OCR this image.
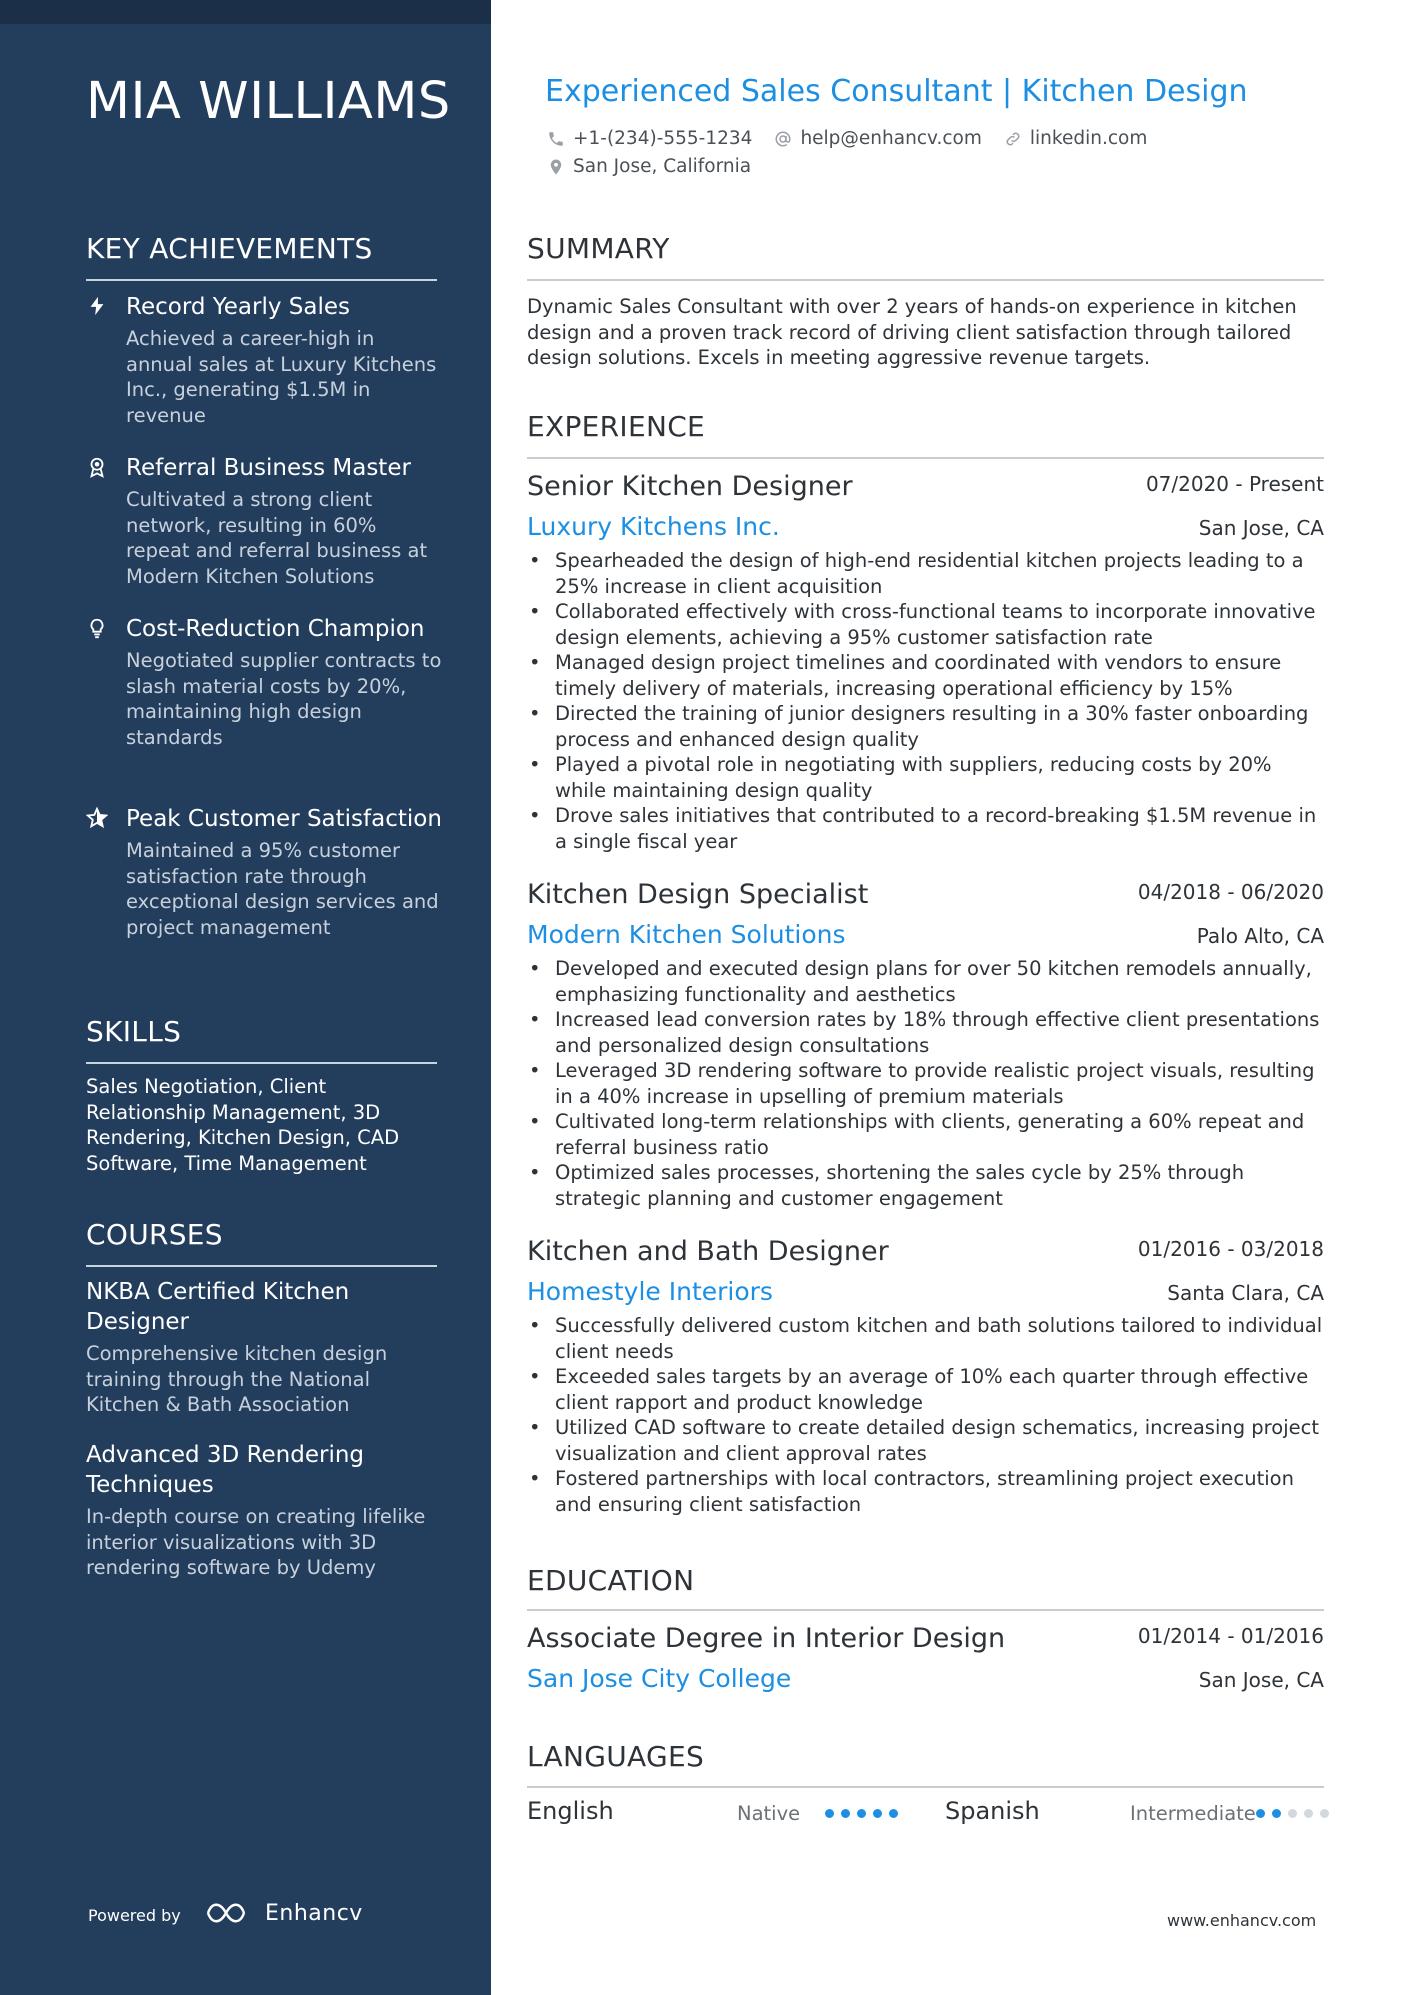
MIA WILLIAMS
KEY ACHIEVEMENTS
Record Yearly Sales
Achieved a career-high in annual sales at Luxury Kitchens Inc., generating $1.5M in revenue
Referral Business Master
Cultivated a strong client network, resulting in 60% repeat and referral business at Modern Kitchen Solutions
Cost-Reduction Champion
Negotiated supplier contracts to slash material costs by 20%, maintaining high design standards
Peak Customer Satisfaction
Maintained a 95% customer satisfaction rate through exceptional design services and project management
SKILLS
Sales Negotiation, Client Relationship Management, 3D Rendering, Kitchen Design, CAD Software, Time Management
COURSES
NKBA Certified Kitchen Designer
Comprehensive kitchen design training through the National Kitchen & Bath Association
Advanced 3D Rendering Techniques
In-depth course on creating lifelike interior visualizations with 3D rendering software by Udemy
Powered by	Enhancv
Experienced Sales Consultant | Kitchen Design
+1-(234)-555-1234	help@enhancv.com	linkedin.com
San Jose, California
SUMMARY
Dynamic Sales Consultant with over 2 years of hands-on experience in kitchen design and a proven track record of driving client satisfaction through tailored design solutions. Excels in meeting aggressive revenue targets.
EXPERIENCE
Senior Kitchen Designer	07/2020 - Present
Luxury Kitchens Inc.	San Jose, CA
• Spearheaded the design of high-end residential kitchen projects leading to a 25% increase in client acquisition
• Collaborated effectively with cross-functional teams to incorporate innovative design elements, achieving a 95% customer satisfaction rate
• Managed design project timelines and coordinated with vendors to ensure timely delivery of materials, increasing operational efficiency by 15%
• Directed the training of junior designers resulting in a 30% faster onboarding process and enhanced design quality
• Played a pivotal role in negotiating with suppliers, reducing costs by 20% while maintaining design quality
• Drove sales initiatives that contributed to a record-breaking $1.5M revenue in a single fiscal year
Kitchen Design Specialist	04/2018 - 06/2020
Modern Kitchen Solutions	Palo Alto, CA
• Developed and executed design plans for over 50 kitchen remodels annually, emphasizing functionality and aesthetics
• Increased lead conversion rates by 18% through effective client presentations and personalized design consultations
• Leveraged 3D rendering software to provide realistic project visuals, resulting in a 40% increase in upselling of premium materials
• Cultivated long-term relationships with clients, generating a 60% repeat and referral business ratio
• Optimized sales processes, shortening the sales cycle by 25% through strategic planning and customer engagement
Kitchen and Bath Designer	01/2016 - 03/2018
Homestyle Interiors	Santa Clara, CA
• Successfully delivered custom kitchen and bath solutions tailored to individual client needs
• Exceeded sales targets by an average of 10% each quarter through effective client rapport and product knowledge
• Utilized CAD software to create detailed design schematics, increasing project visualization and client approval rates
• Fostered partnerships with local contractors, streamlining project execution and ensuring client satisfaction
EDUCATION
Associate Degree in Interior Design	01/2014 - 01/2016
San Jose City College	San Jose, CA
LANGUAGES
English	Native	Spanish	Intermediate
www.enhancv.com
